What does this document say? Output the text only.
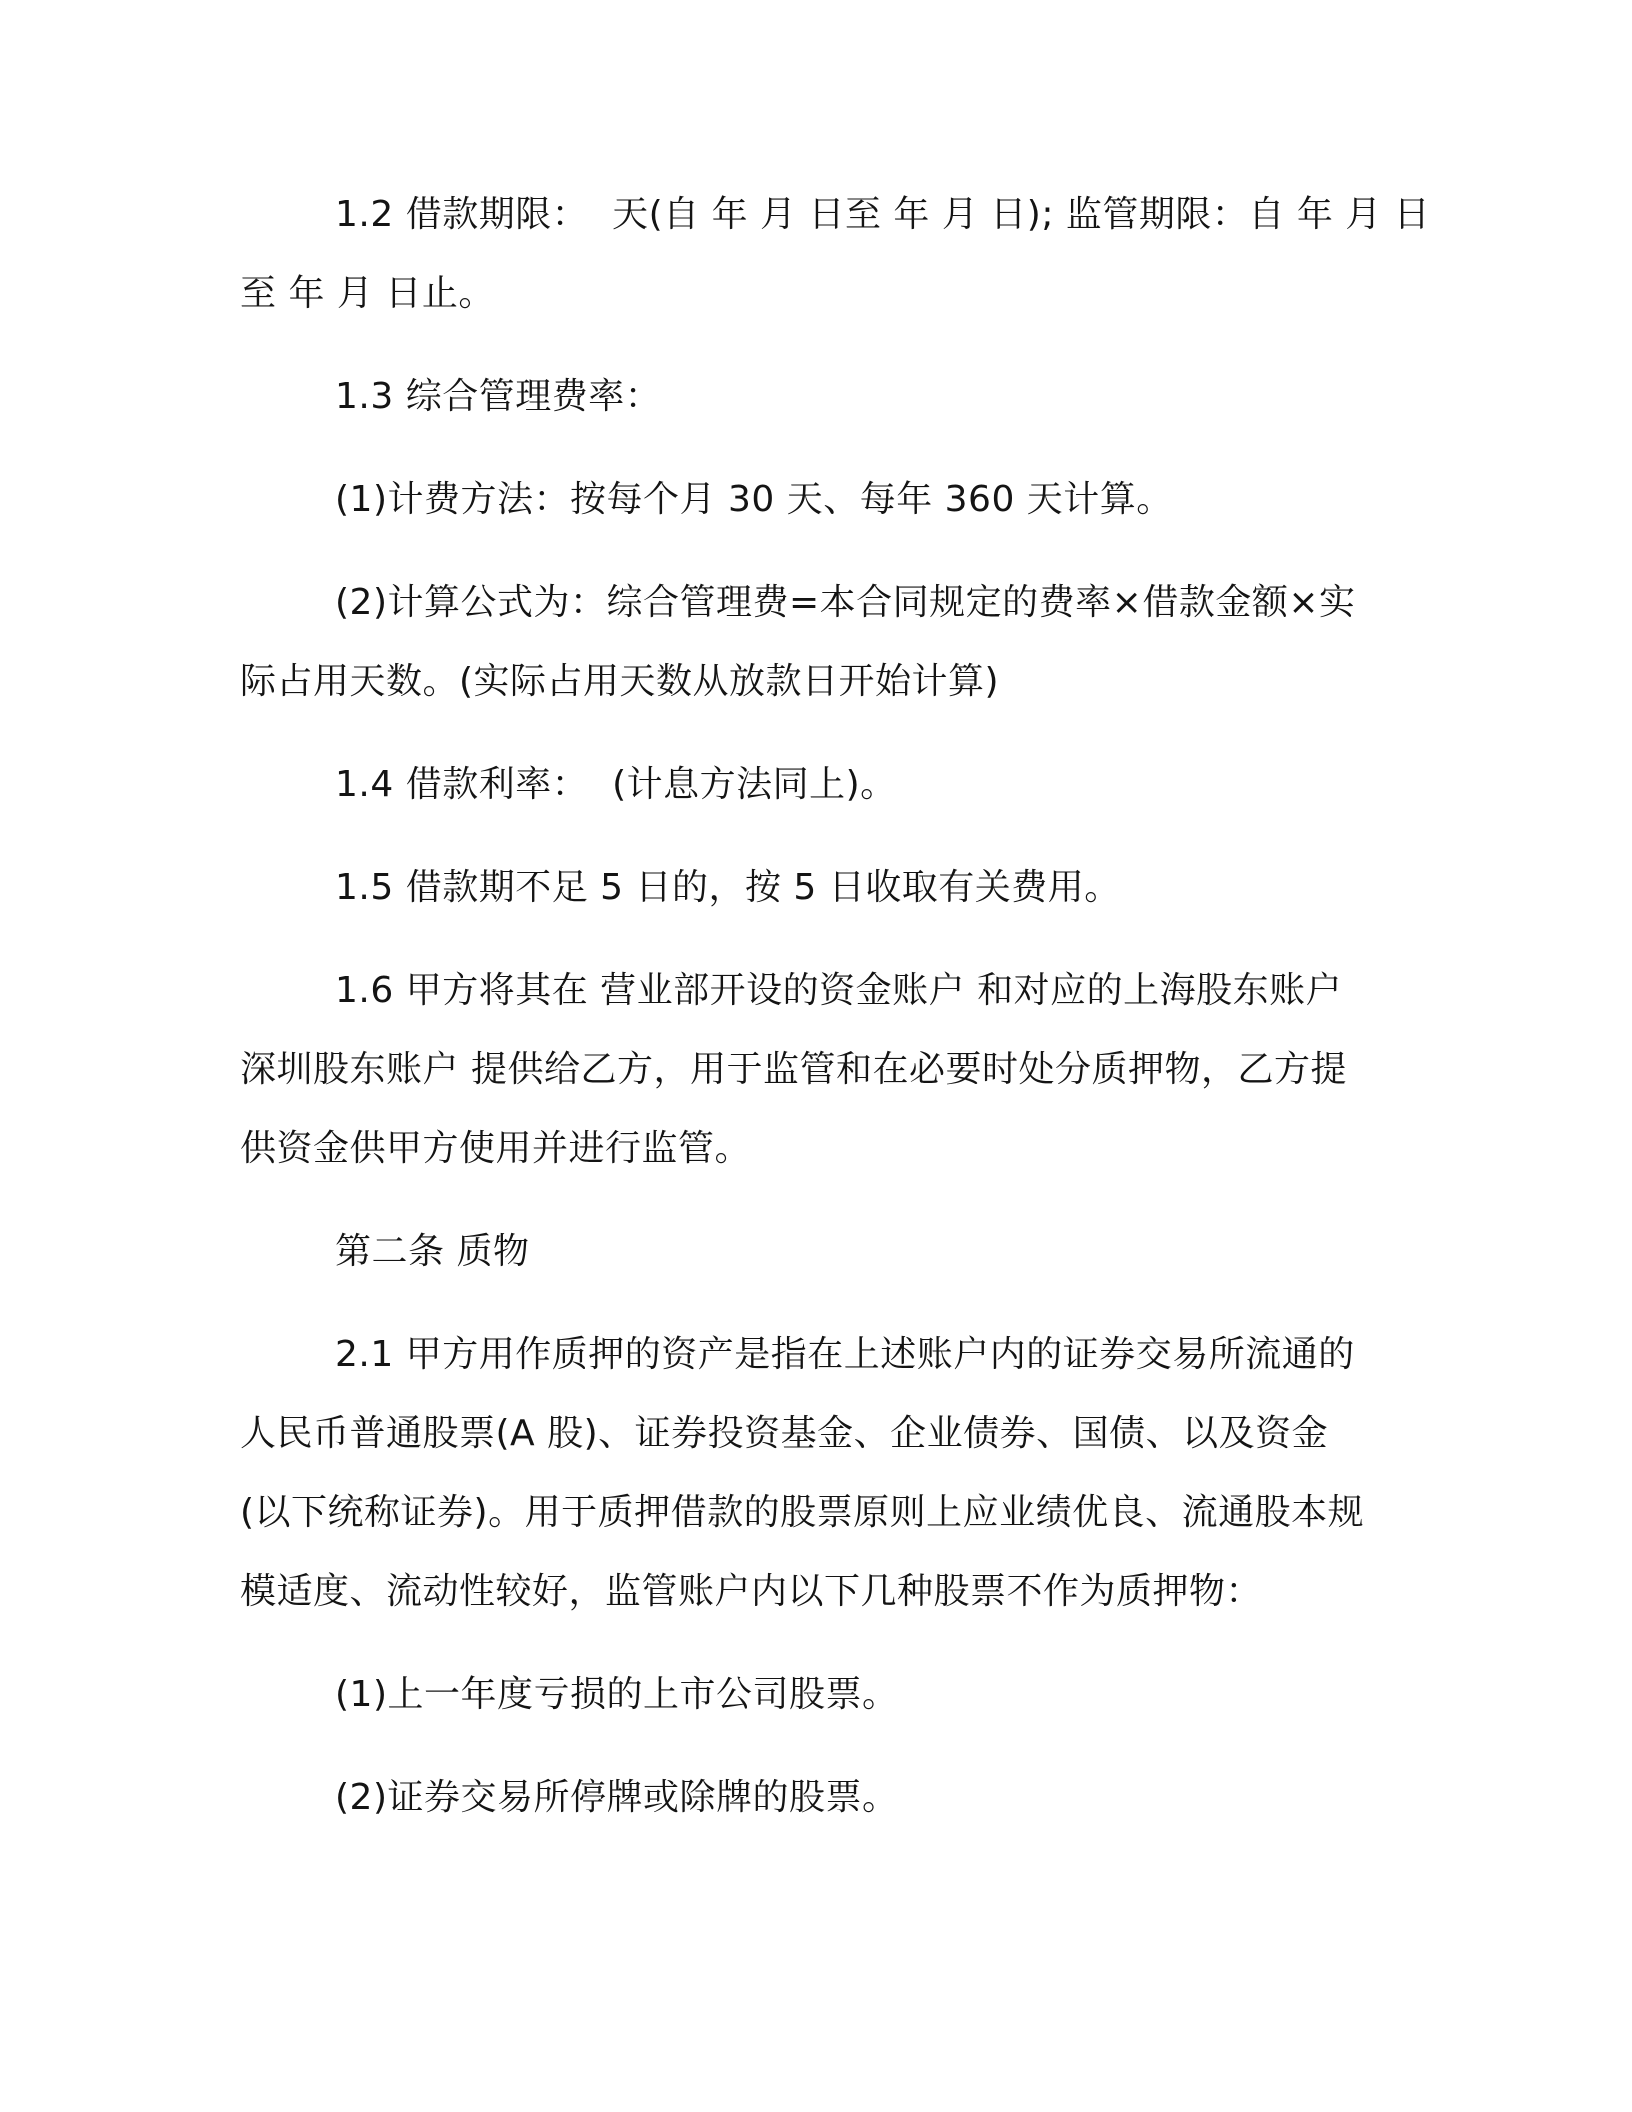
1.2 借款期限：  天(自 年 月 日至 年 月 日); 监管期限：自 年 月 日
至 年 月 日止。
1.3 综合管理费率：
(1)计费方法：按每个月 30 天、每年 360 天计算。
(2)计算公式为：综合管理费=本合同规定的费率×借款金额×实
际占用天数。(实际占用天数从放款日开始计算)
1.4 借款利率：  (计息方法同上)。
1.5 借款期不足 5 日的，按 5 日收取有关费用。
1.6 甲方将其在 营业部开设的资金账户 和对应的上海股东账户
深圳股东账户 提供给乙方，用于监管和在必要时处分质押物，乙方提
供资金供甲方使用并进行监管。
第二条 质物
2.1 甲方用作质押的资产是指在上述账户内的证券交易所流通的
人民币普通股票(A 股)、证券投资基金、企业债券、国债、以及资金
(以下统称证券)。用于质押借款的股票原则上应业绩优良、流通股本规
模适度、流动性较好，监管账户内以下几种股票不作为质押物：
(1)上一年度亏损的上市公司股票。
(2)证券交易所停牌或除牌的股票。
